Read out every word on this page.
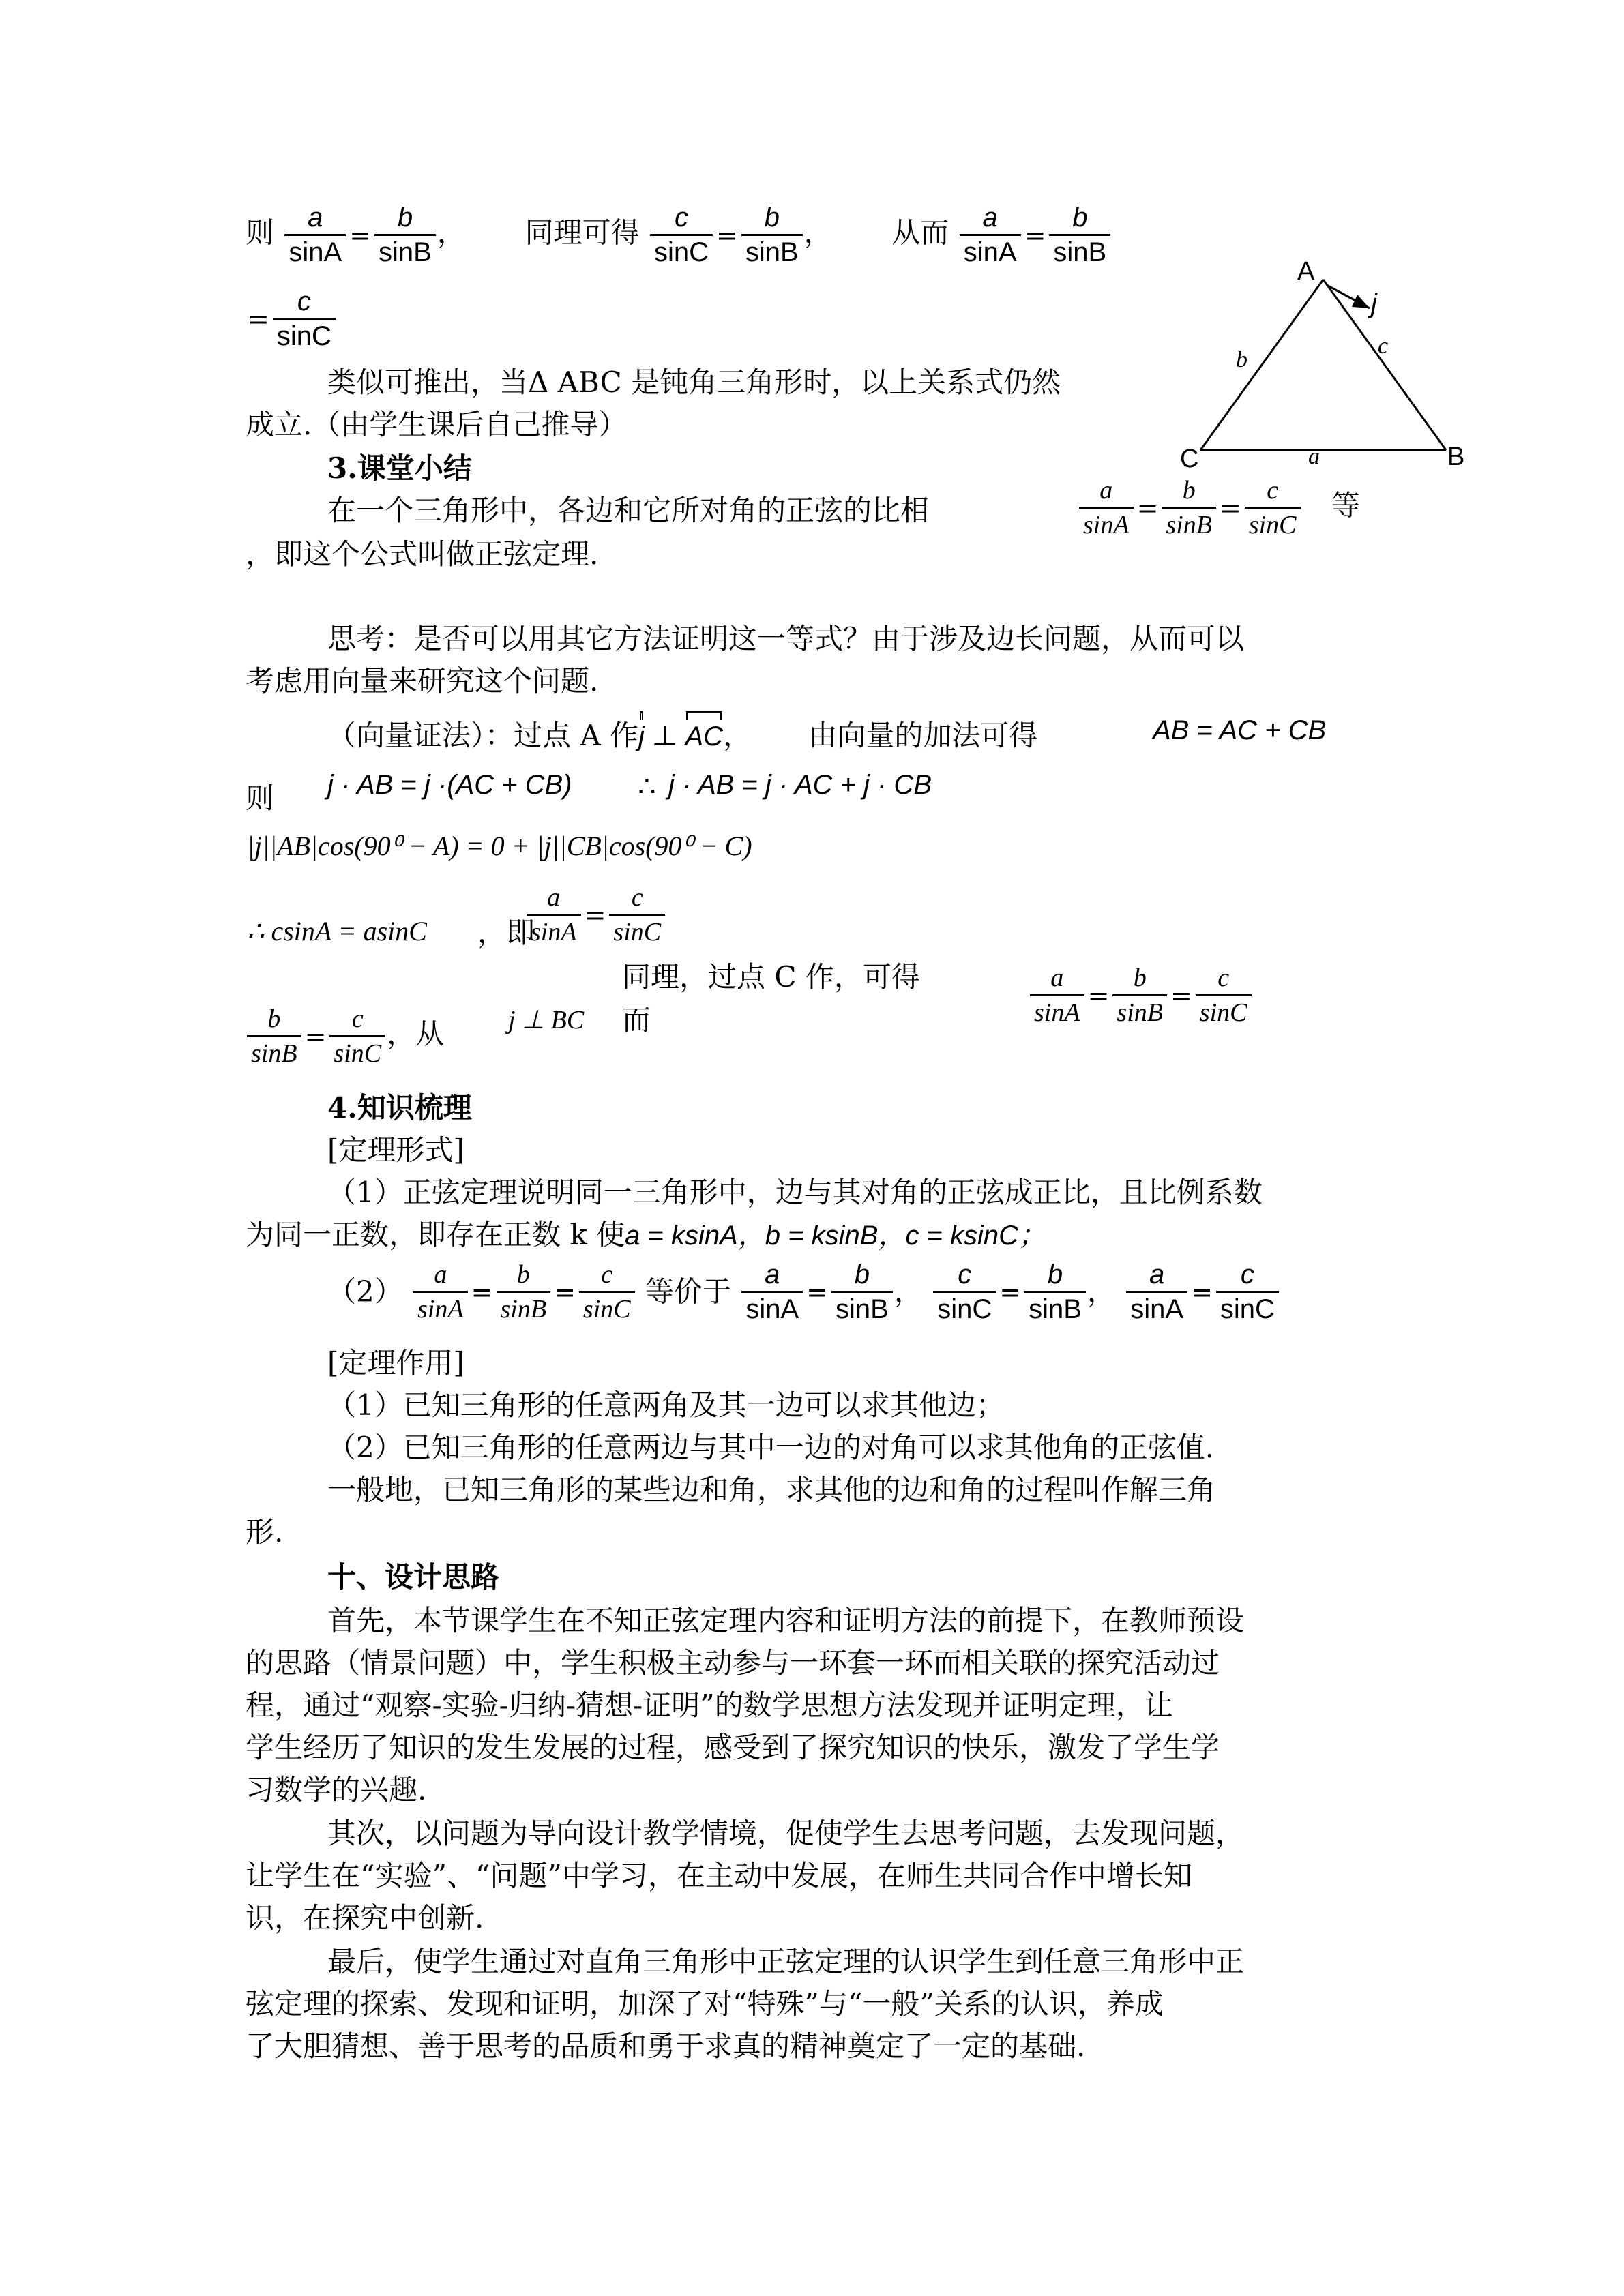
则 $\frac{a}{\sin A} = \frac{b}{\sin B}$ ， 同理可得 $\frac{c}{\sin C} = \frac{b}{\sin B}$ ， 从而 $\frac{a}{\sin A} = \frac{b}{\sin B}$
= $\frac{c}{\sin C}$
类似可推出，当Δ ABC 是钝角三角形时，以上关系式仍然
成立.（由学生课后自己推导）
3.课堂小结
在一个三角形中，各边和它所对角的正弦的比相	$\frac{a}{\sin A} = \frac{b}{\sin B} = \frac{c}{\sin C}$ 等
，即这个公式叫做正弦定理.
A
C	B
b
c
a
j
思考：是否可以用其它方法证明这一等式？由于涉及边长问题，从而可以
考虑用向量来研究这个问题.
（向量证法）：过点 A 作j ⊥ AC， 由向量的加法可得	AB = AC + CB
则 j · AB = j ·(AC + CB) ∴ j · AB = j · AC + j · CB
|j||AB|cos(90⁰ − A) = 0 + |j||CB|cos(90⁰ − C)
∴ csinA = asinC ，即
$\frac{a}{\sin A} = \frac{c}{\sin C}$
同理，过点 C 作，可得	$\frac{a}{\sin A} = \frac{b}{\sin B} = \frac{c}{\sin C}$
j ⊥ BC 而
$\frac{b}{\sin B} = \frac{c}{\sin C}$ ，从
4.知识梳理
[定理形式]
（1）正弦定理说明同一三角形中，边与其对角的正弦成正比，且比例系数
为同一正数，即存在正数 k 使a = ksinA，b = ksinB，c = ksinC；
$(2) \frac{a}{\sin A} = \frac{b}{\sin B} = \frac{c}{\sin C}$ 等价于 $\frac{a}{\sin A} = \frac{b}{\sin B}$ ， $\frac{c}{\sin C} = \frac{b}{\sin B}$ ， $\frac{a}{\sin A} = \frac{c}{\sin C}$
[定理作用]
（1）已知三角形的任意两角及其一边可以求其他边；
（2）已知三角形的任意两边与其中一边的对角可以求其他角的正弦值.
一般地，已知三角形的某些边和角，求其他的边和角的过程叫作解三角
形.
十、设计思路
首先，本节课学生在不知正弦定理内容和证明方法的前提下，在教师预设
的思路（情景问题）中，学生积极主动参与一环套一环而相关联的探究活动过
程，通过“观察-实验-归纳-猜想-证明”的数学思想方法发现并证明定理，让
学生经历了知识的发生发展的过程，感受到了探究知识的快乐，激发了学生学
习数学的兴趣.
其次，以问题为导向设计教学情境，促使学生去思考问题，去发现问题，
让学生在“实验”、“问题”中学习，在主动中发展，在师生共同合作中增长知
识，在探究中创新.
最后，使学生通过对直角三角形中正弦定理的认识学生到任意三角形中正
弦定理的探索、发现和证明，加深了对“特殊”与“一般”关系的认识，养成
了大胆猜想、善于思考的品质和勇于求真的精神奠定了一定的基础.
